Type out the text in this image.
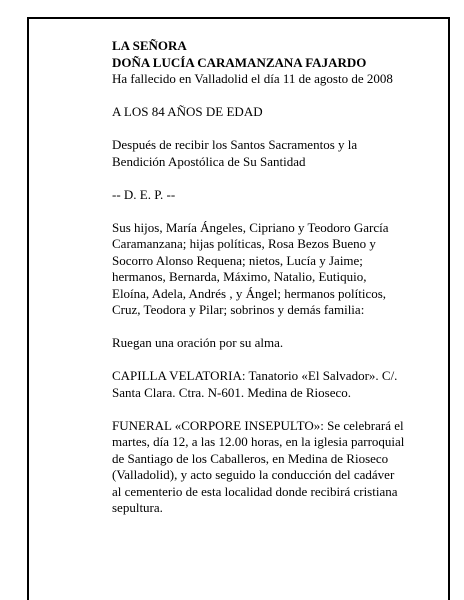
LA SEÑORA
DOÑA LUCÍA CARAMANZANA FAJARDO
Ha fallecido en Valladolid el día 11 de agosto de 2008

A LOS 84 AÑOS DE EDAD

Después de recibir los Santos Sacramentos y la
Bendición Apostólica de Su Santidad

-- D. E. P. --

Sus hijos, María Ángeles, Cipriano y Teodoro García
Caramanzana; hijas políticas, Rosa Bezos Bueno y
Socorro Alonso Requena; nietos, Lucía y Jaime;
hermanos, Bernarda, Máximo, Natalio, Eutiquio,
Eloína, Adela, Andrés , y Ángel; hermanos políticos,
Cruz, Teodora y Pilar; sobrinos y demás familia:

Ruegan una oración por su alma.

CAPILLA VELATORIA: Tanatorio «El Salvador». C/.
Santa Clara. Ctra. N-601. Medina de Rioseco.

FUNERAL «CORPORE INSEPULTO»: Se celebrará el
martes, día 12, a las 12.00 horas, en la iglesia parroquial
de Santiago de los Caballeros, en Medina de Rioseco
(Valladolid), y acto seguido la conducción del cadáver
al cementerio de esta localidad donde recibirá cristiana
sepultura.
